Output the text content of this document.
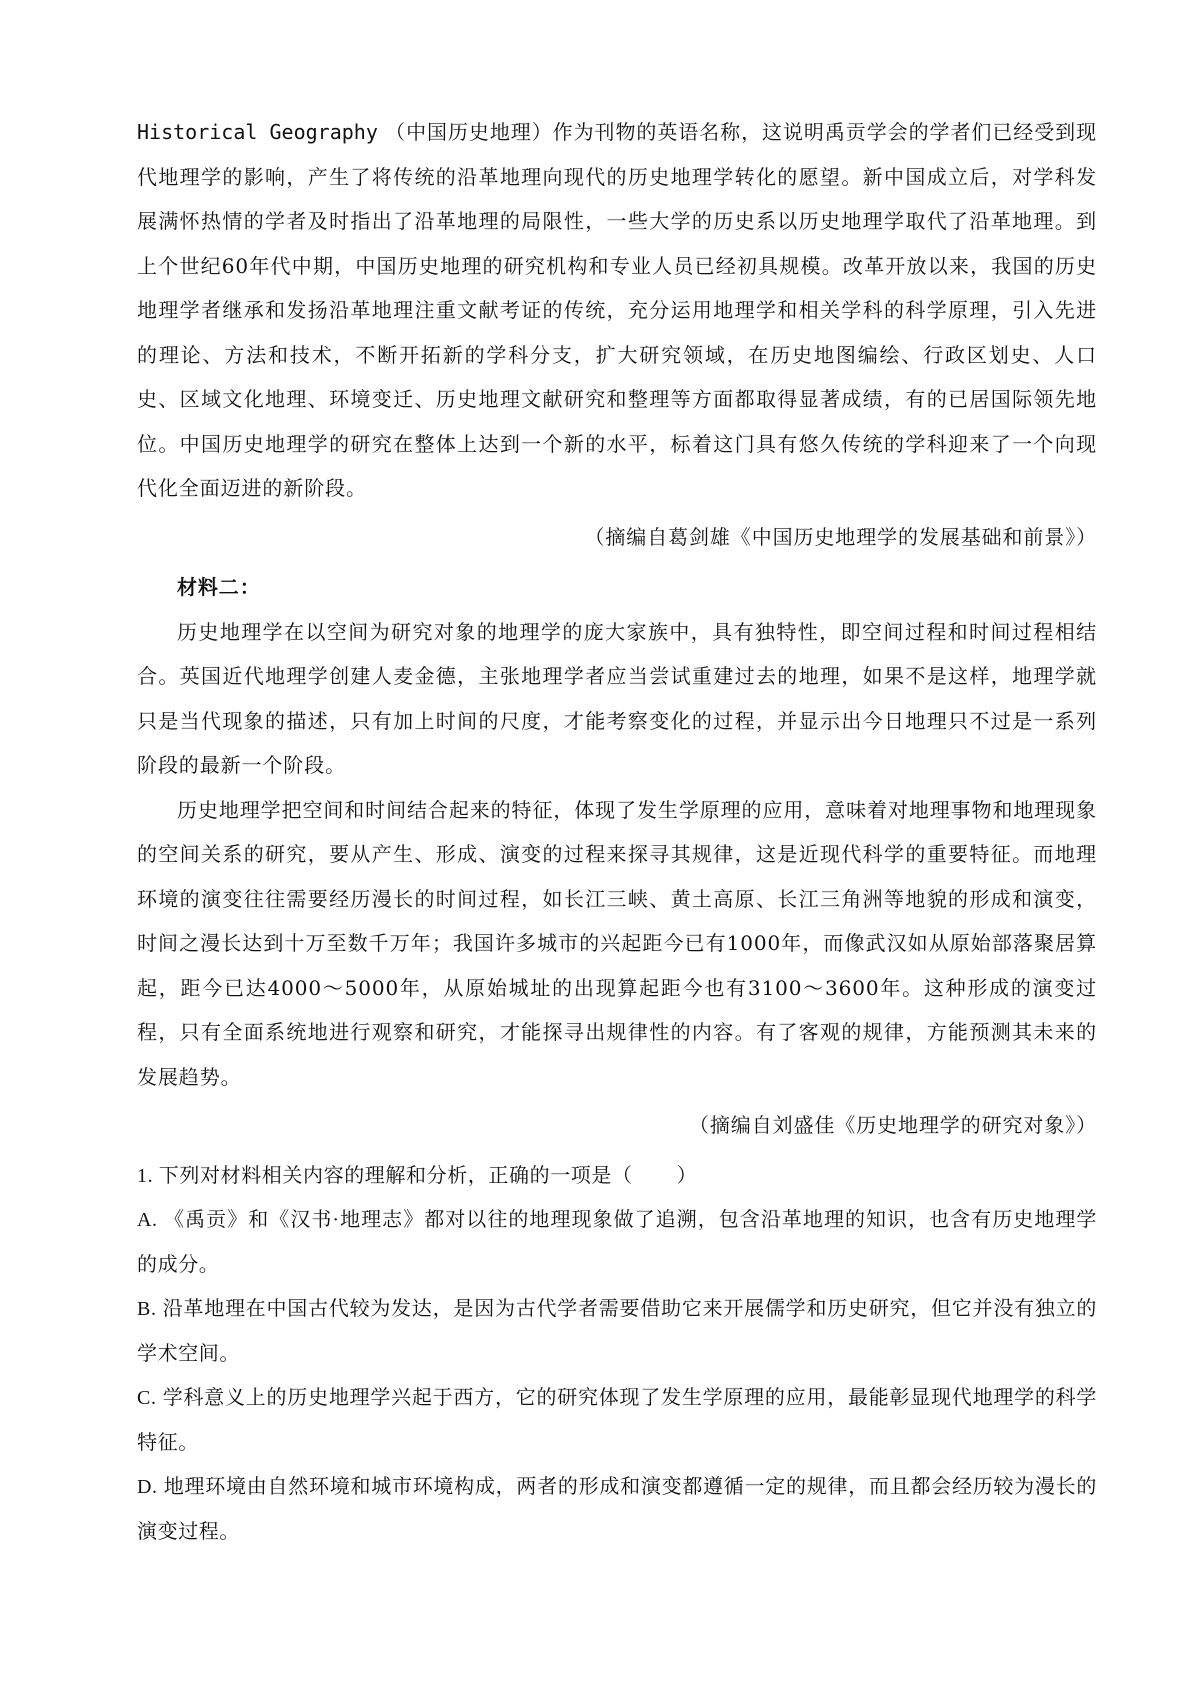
Historical Geography （中国历史地理）作为刊物的英语名称，这说明禹贡学会的学者们已经受到现代地理学的影响，产生了将传统的沿革地理向现代的历史地理学转化的愿望。新中国成立后，对学科发展满怀热情的学者及时指出了沿革地理的局限性，一些大学的历史系以历史地理学取代了沿革地理。到上个世纪60年代中期，中国历史地理的研究机构和专业人员已经初具规模。改革开放以来，我国的历史地理学者继承和发扬沿革地理注重文献考证的传统，充分运用地理学和相关学科的科学原理，引入先进的理论、方法和技术，不断开拓新的学科分支，扩大研究领域，在历史地图编绘、行政区划史、人口史、区域文化地理、环境变迁、历史地理文献研究和整理等方面都取得显著成绩，有的已居国际领先地位。中国历史地理学的研究在整体上达到一个新的水平，标着这门具有悠久传统的学科迎来了一个向现代化全面迈进的新阶段。

（摘编自葛剑雄《中国历史地理学的发展基础和前景》）

材料二：

历史地理学在以空间为研究对象的地理学的庞大家族中，具有独特性，即空间过程和时间过程相结合。英国近代地理学创建人麦金德，主张地理学者应当尝试重建过去的地理，如果不是这样，地理学就只是当代现象的描述，只有加上时间的尺度，才能考察变化的过程，并显示出今日地理只不过是一系列阶段的最新一个阶段。

历史地理学把空间和时间结合起来的特征，体现了发生学原理的应用，意味着对地理事物和地理现象的空间关系的研究，要从产生、形成、演变的过程来探寻其规律，这是近现代科学的重要特征。而地理环境的演变往往需要经历漫长的时间过程，如长江三峡、黄土高原、长江三角洲等地貌的形成和演变，时间之漫长达到十万至数千万年；我国许多城市的兴起距今已有1000年，而像武汉如从原始部落聚居算起，距今已达4000～5000年，从原始城址的出现算起距今也有3100～3600年。这种形成的演变过程，只有全面系统地进行观察和研究，才能探寻出规律性的内容。有了客观的规律，方能预测其未来的发展趋势。

（摘编自刘盛佳《历史地理学的研究对象》）

1. 下列对材料相关内容的理解和分析，正确的一项是（ ）

A. 《禹贡》和《汉书·地理志》都对以往的地理现象做了追溯，包含沿革地理的知识，也含有历史地理学的成分。

B. 沿革地理在中国古代较为发达，是因为古代学者需要借助它来开展儒学和历史研究，但它并没有独立的学术空间。

C. 学科意义上的历史地理学兴起于西方，它的研究体现了发生学原理的应用，最能彰显现代地理学的科学特征。

D. 地理环境由自然环境和城市环境构成，两者的形成和演变都遵循一定的规律，而且都会经历较为漫长的演变过程。
